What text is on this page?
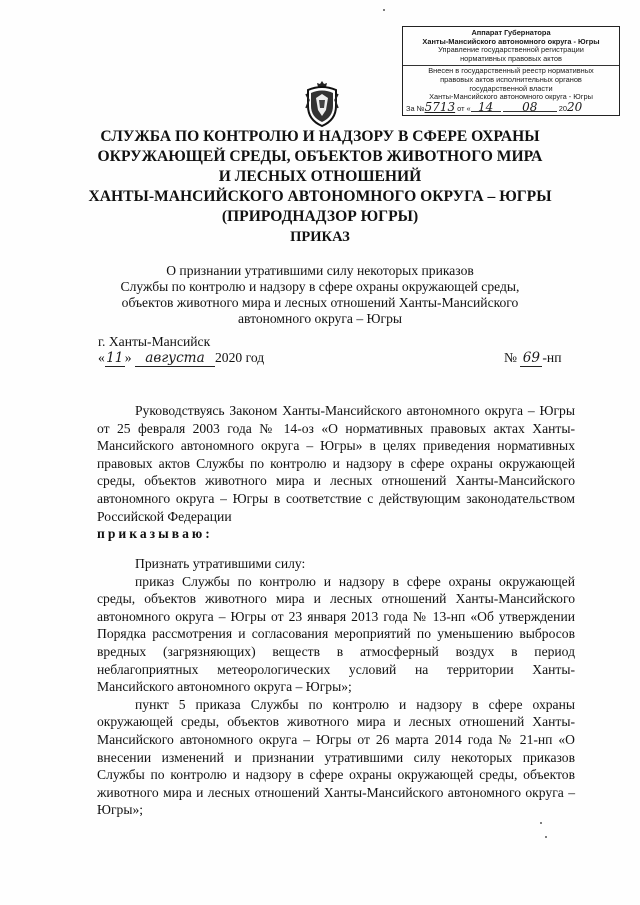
Аппарат Губернатора
Ханты-Мансийского автономного округа - Югры
Управление государственной регистрации
нормативных правовых актов
Внесен в государственный реестр нормативных
правовых актов исполнительных органов
государственной власти
Ханты-Мансийского автономного округа - Югры
За №5713 от « 14 08	2020
СЛУЖБА ПО КОНТРОЛЮ И НАДЗОРУ В СФЕРЕ ОХРАНЫ
ОКРУЖАЮЩЕЙ СРЕДЫ, ОБЪЕКТОВ ЖИВОТНОГО МИРА
И ЛЕСНЫХ ОТНОШЕНИЙ
ХАНТЫ-МАНСИЙСКОГО АВТОНОМНОГО ОКРУГА – ЮГРЫ
(ПРИРОДНАДЗОР ЮГРЫ)
ПРИКАЗ
О признании утратившими силу некоторых приказов
Службы по контролю и надзору в сфере охраны окружающей среды,
объектов животного мира и лесных отношений Ханты-Мансийского
автономного округа – Югры
г. Ханты-Мансийск
«11» августа 2020 год	№ 69 -нп
Руководствуясь Законом Ханты-Мансийского автономного округа – Югры от 25 февраля 2003 года № 14-оз «О нормативных правовых актах Ханты-Мансийского автономного округа – Югры» в целях приведения нормативных правовых актов Службы по контролю и надзору в сфере охраны окружающей среды, объектов животного мира и лесных отношений Ханты-Мансийского автономного округа – Югры в соответствие с действующим законодательством Российской Федерации
приказываю:
Признать утратившими силу:
приказ Службы по контролю и надзору в сфере охраны окружающей среды, объектов животного мира и лесных отношений Ханты-Мансийского автономного округа – Югры от 23 января 2013 года № 13-нп «Об утверждении Порядка рассмотрения и согласования мероприятий по уменьшению выбросов вредных (загрязняющих) веществ в атмосферный воздух в период неблагоприятных метеорологических условий на территории Ханты-Мансийского автономного округа – Югры»;
пункт 5 приказа Службы по контролю и надзору в сфере охраны окружающей среды, объектов животного мира и лесных отношений Ханты-Мансийского автономного округа – Югры от 26 марта 2014 года № 21-нп «О внесении изменений и признании утратившими силу некоторых приказов Службы по контролю и надзору в сфере охраны окружающей среды, объектов животного мира и лесных отношений Ханты-Мансийского автономного округа – Югры»;
